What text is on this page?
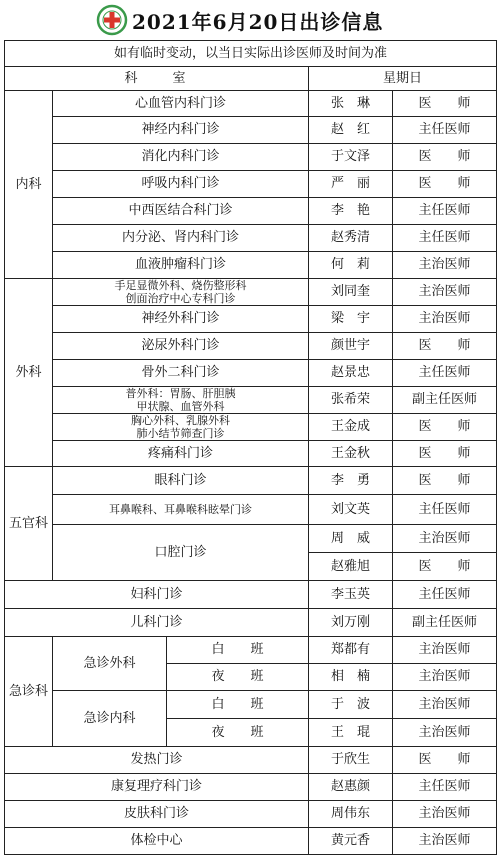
2021年6月20日出诊信息
如有临时变动，以当日实际出诊医师及时间为准				
科　　室			星期日	
内科	心血管内科门诊		张　琳	医　　师
	神经内科门诊		赵　红	主任医师
	消化内科门诊		于文泽	医　　师
	呼吸内科门诊		严　丽	医　　师
	中西医结合科门诊		李　艳	主任医师
	内分泌、肾内科门诊		赵秀清	主任医师
	血液肿瘤科门诊		何　莉	主治医师
外科	手足显微外科、烧伤整形科
创面治疗中心专科门诊		刘同奎	主治医师
	神经外科门诊		梁　宇	主治医师
	泌尿外科门诊		颜世宇	医　　师
	骨外二科门诊		赵景忠	主任医师
	普外科：胃肠、肝胆胰
甲状腺、血管外科		张希荣	副主任医师
	胸心外科、乳腺外科
肺小结节筛查门诊		王金成	医　　师
	疼痛科门诊		王金秋	医　　师
五官科	眼科门诊		李　勇	医　　师
	耳鼻喉科、耳鼻喉科眩晕门诊		刘文英	主任医师
	口腔门诊		周　威	主治医师
			赵雅旭	医　　师
妇科门诊			李玉英	主任医师
儿科门诊			刘万刚	副主任医师
急诊科	急诊外科	白　　班	郑都有	主治医师
		夜　　班	相　楠	主治医师
	急诊内科	白　　班	于　波	主治医师
		夜　　班	王　琨	主治医师
发热门诊			于欣生	医　　师
康复理疗科门诊			赵惠颜	主任医师
皮肤科门诊			周伟东	主治医师
体检中心			黄元香	主治医师
